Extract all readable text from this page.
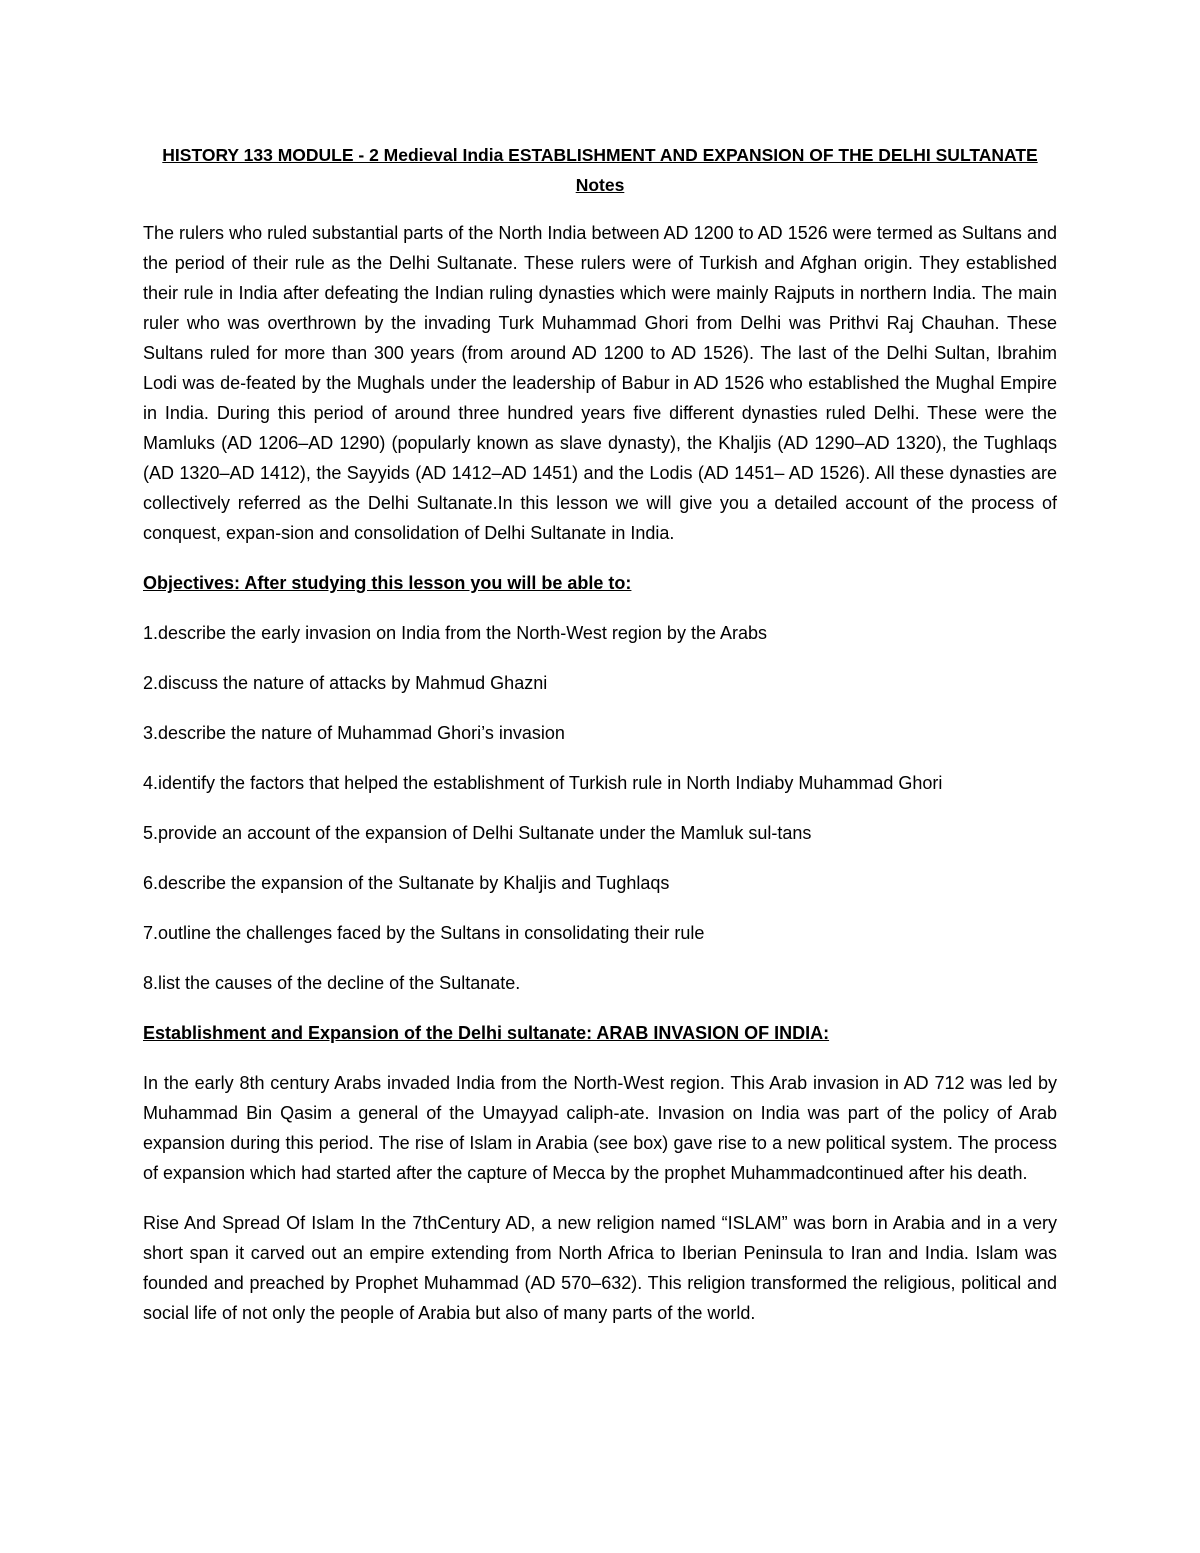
HISTORY 133 MODULE - 2 Medieval India ESTABLISHMENT AND EXPANSION OF THE DELHI SULTANATE
Notes

The rulers who ruled substantial parts of the North India between AD 1200 to AD 1526 were termed as Sultans and the period of their rule as the Delhi Sultanate. These rulers were of Turkish and Afghan origin. They established their rule in India after defeating the Indian ruling dynasties which were mainly Rajputs in northern India. The main ruler who was overthrown by the invading Turk Muhammad Ghori from Delhi was Prithvi Raj Chauhan. These Sultans ruled for more than 300 years (from around AD 1200 to AD 1526). The last of the Delhi Sultan, Ibrahim Lodi was de-feated by the Mughals under the leadership of Babur in AD 1526 who established the Mughal Empire in India. During this period of around three hundred years five different dynasties ruled Delhi. These were the Mamluks (AD 1206–AD 1290) (popularly known as slave dynasty), the Khaljis (AD 1290–AD 1320), the Tughlaqs (AD 1320–AD 1412), the Sayyids (AD 1412–AD 1451) and the Lodis (AD 1451– AD 1526). All these dynasties are collectively referred as the Delhi Sultanate.In this lesson we will give you a detailed account of the process of conquest, expan-sion and consolidation of Delhi Sultanate in India.

Objectives: After studying this lesson you will be able to:

1.describe the early invasion on India from the North-West region by the Arabs

2.discuss the nature of attacks by Mahmud Ghazni

3.describe the nature of Muhammad Ghori’s invasion

4.identify the factors that helped the establishment of Turkish rule in North Indiaby Muhammad Ghori

5.provide an account of the expansion of Delhi Sultanate under the Mamluk sul-tans

6.describe the expansion of the Sultanate by Khaljis and Tughlaqs

7.outline the challenges faced by the Sultans in consolidating their rule

8.list the causes of the decline of the Sultanate.

Establishment and Expansion of the Delhi sultanate: ARAB INVASION OF INDIA:

In the early 8th century Arabs invaded India from the North-West region. This Arab invasion in AD 712 was led by Muhammad Bin Qasim a general of the Umayyad caliph-ate. Invasion on India was part of the policy of Arab expansion during this period. The rise of Islam in Arabia (see box) gave rise to a new political system. The process of expansion which had started after the capture of Mecca by the prophet Muhammadcontinued after his death.

Rise And Spread Of Islam In the 7thCentury AD, a new religion named “ISLAM” was born in Arabia and in a very short span it carved out an empire extending from North Africa to Iberian Peninsula to Iran and India. Islam was founded and preached by Prophet Muhammad (AD 570–632). This religion transformed the religious, political and social life of not only the people of Arabia but also of many parts of the world.
